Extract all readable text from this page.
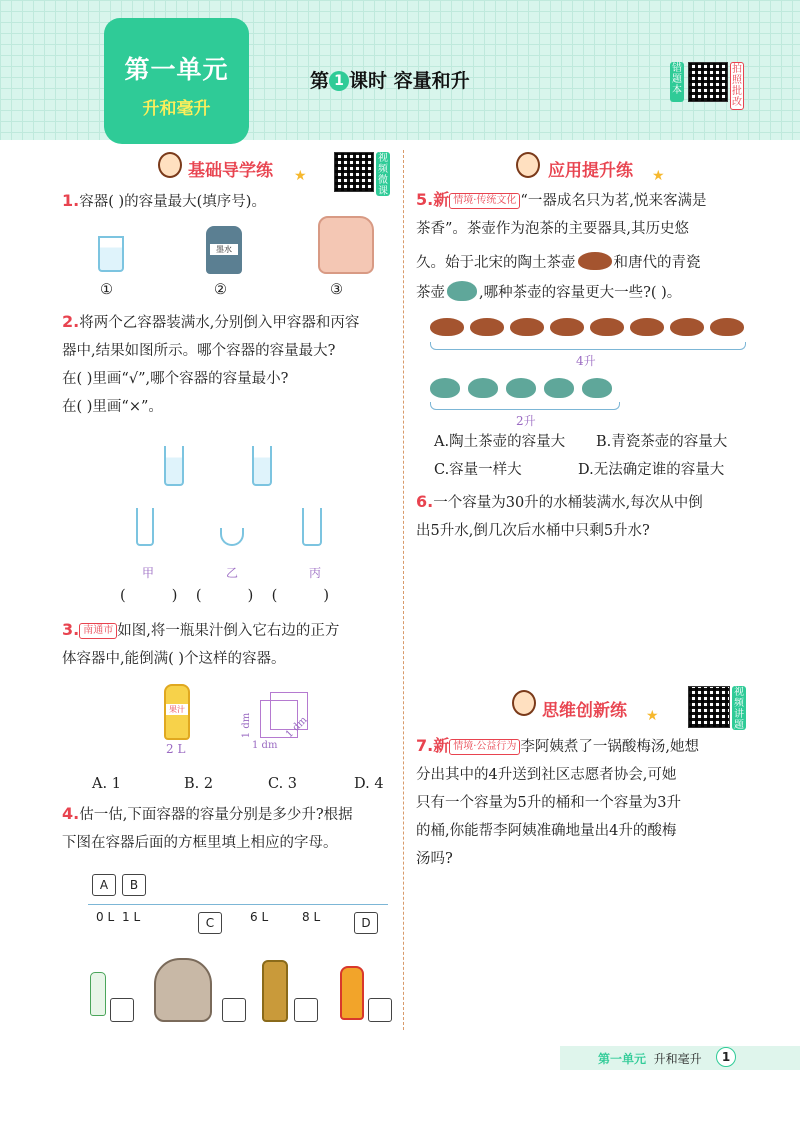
第一单元
升和毫升
第 1 课时 容量和升
错题本
拍照批改
基础导学练 ★
视频微课
1.容器( )的容量最大(填序号)。
墨水
①	②	③
2.将两个乙容器装满水,分别倒入甲容器和丙容
器中,结果如图所示。哪个容器的容量最大?
在( )里画“√”,哪个容器的容量最小?
在( )里画“×”。
甲	乙	丙
(          )    (          )    (          )
3. 南通市 如图,将一瓶果汁倒入它右边的正方
体容器中,能倒满( )个这样的容器。
果汁
2 L
1 dm
1 dm
1 dm
A. 1	B. 2	C. 3	D. 4
4.估一估,下面容器的容量分别是多少升?根据
下图在容器后面的方框里填上相应的字母。
A	B
0 L 1 L	6 L	8 L
C	D
应用提升练 ★
5.新 情境·传统文化 “一器成名只为茗,悦来客满是
茶香”。茶壶作为泡茶的主要器具,其历史悠
久。始于北宋的陶土茶壶	和唐代的青瓷
茶壶 ,哪种茶壶的容量更大一些?( )。
4升
2升
A.陶土茶壶的容量大 B.青瓷茶壶的容量大
C.容量一样大	D.无法确定谁的容量大
6.一个容量为30升的水桶装满水,每次从中倒
出5升水,倒几次后水桶中只剩5升水?
思维创新练 ★
视频讲题
7.新 情境·公益行为 李阿姨煮了一锅酸梅汤,她想
分出其中的4升送到社区志愿者协会,可她
只有一个容量为5升的桶和一个容量为3升
的桶,你能帮李阿姨准确地量出4升的酸梅
汤吗?
第一单元 升和毫升	1
